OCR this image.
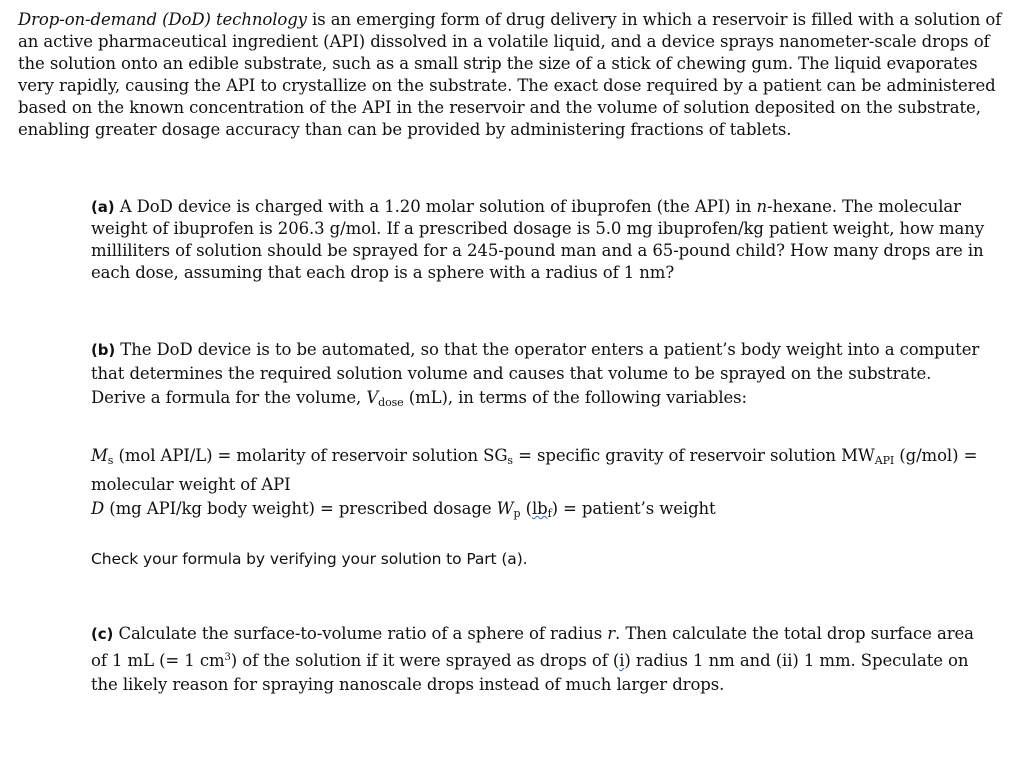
Drop-on-demand (DoD) technology is an emerging form of drug delivery in which a reservoir is filled with a solution of an active pharmaceutical ingredient (API) dissolved in a volatile liquid, and a device sprays nanometer-scale drops of the solution onto an edible substrate, such as a small strip the size of a stick of chewing gum. The liquid evaporates very rapidly, causing the API to crystallize on the substrate. The exact dose required by a patient can be administered based on the known concentration of the API in the reservoir and the volume of solution deposited on the substrate, enabling greater dosage accuracy than can be provided by administering fractions of tablets.

(a) A DoD device is charged with a 1.20 molar solution of ibuprofen (the API) in n-hexane. The molecular weight of ibuprofen is 206.3 g/mol. If a prescribed dosage is 5.0 mg ibuprofen/kg patient weight, how many milliliters of solution should be sprayed for a 245-pound man and a 65-pound child? How many drops are in each dose, assuming that each drop is a sphere with a radius of 1 nm?

(b) The DoD device is to be automated, so that the operator enters a patient’s body weight into a computer that determines the required solution volume and causes that volume to be sprayed on the substrate. Derive a formula for the volume, $V_{dose}$ (mL), in terms of the following variables:

$M_s$ (mol API/L) = molarity of reservoir solution $SG_s$ = specific gravity of reservoir solution $MW_{API}$ (g/mol) = molecular weight of API
D (mg API/kg body weight) = prescribed dosage $W_p$ $(lb_f)$ = patient’s weight

Check your formula by verifying your solution to Part (a).

(c) Calculate the surface-to-volume ratio of a sphere of radius r. Then calculate the total drop surface area of 1 mL (= 1 $cm^3$) of the solution if it were sprayed as drops of (i) radius 1 nm and (ii) 1 mm. Speculate on the likely reason for spraying nanoscale drops instead of much larger drops.
